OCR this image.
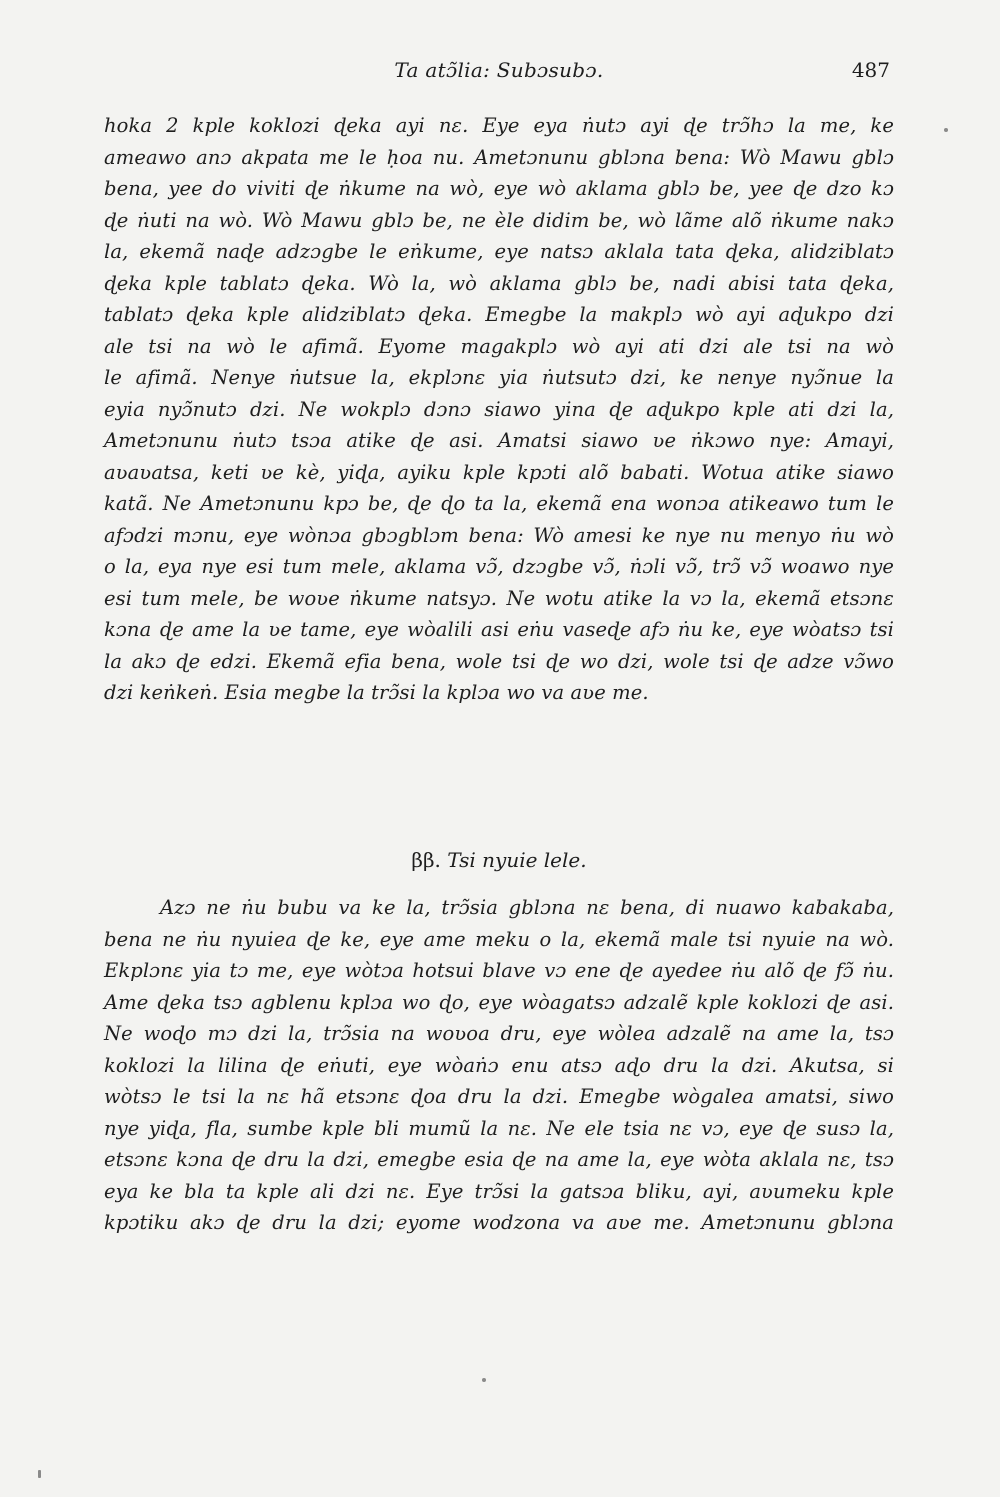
Ta atɔ̃lia: Subɔsubɔ.	487
hoka 2 kple koklozi ɖeka ayi nɛ. Eye eya ṅutɔ ayi ɖe trɔ̃hɔ la me, ke
ameawo anɔ akpata me le ḥoa nu. Ametɔnunu gblɔna bena: Wò Mawu gblɔ
bena, yee do viviti ɖe ṅkume na wò, eye wò aklama gblɔ be, yee ɖe dzo kɔ
ɖe ṅuti na wò. Wò Mawu gblɔ be, ne èle didim be, wò lãme alõ ṅkume nakɔ
la, ekemã naɖe adzɔgbe le eṅkume, eye natsɔ aklala tata ɖeka, alidziblatɔ
ɖeka kple tablatɔ ɖeka. Wò la, wò aklama gblɔ be, nadi abisi tata ɖeka,
tablatɔ ɖeka kple alidziblatɔ ɖeka. Emegbe la makplɔ wò ayi aɖukpo dzi
ale tsi na wò le afimã. Eyome magakplɔ wò ayi ati dzi ale tsi na wò
le afimã. Nenye ṅutsue la, ekplɔnɛ yia ṅutsutɔ dzi, ke nenye nyɔ̃nue la
eyia nyɔ̃nutɔ dzi. Ne wokplɔ dɔnɔ siawo yina ɖe aɖukpo kple ati dzi la,
Ametɔnunu ṅutɔ tsɔa atike ɖe asi. Amatsi siawo ʋe ṅkɔwo nye: Amayi,
aʋaʋatsa, keti ʋe kè, yiɖa, ayiku kple kpɔti alõ babati. Wotua atike siawo
katã. Ne Ametɔnunu kpɔ be, ɖe ɖo ta la, ekemã ena wonɔa atikeawo tum le
afɔdzi mɔnu, eye wònɔa gbɔgblɔm bena: Wò amesi ke nye nu menyo ṅu wò
o la, eya nye esi tum mele, aklama vɔ̃, dzɔgbe vɔ̃, ṅɔli vɔ̃, trɔ̃ vɔ̃ woawo nye
esi tum mele, be woʋe ṅkume natsyɔ. Ne wotu atike la vɔ la, ekemã etsɔnɛ
kɔna ɖe ame la ʋe tame, eye wòalili asi eṅu vaseɖe afɔ ṅu ke, eye wòatsɔ tsi
la akɔ ɖe edzi. Ekemã efia bena, wole tsi ɖe wo dzi, wole tsi ɖe adze vɔ̃wo
dzi keṅkeṅ. Esia megbe la trɔ̃si la kplɔa wo va aʋe me.
ββ. Tsi nyuie lele.
Azɔ ne ṅu bubu va ke la, trɔ̃sia gblɔna nɛ bena, di nuawo kabakaba,
bena ne ṅu nyuiea ɖe ke, eye ame meku o la, ekemã male tsi nyuie na wò.
Ekplɔnɛ yia tɔ me, eye wòtɔa hotsui blave vɔ ene ɖe ayedee ṅu alõ ɖe fɔ̃ ṅu.
Ame ɖeka tsɔ agblenu kplɔa wo ɖo, eye wòagatsɔ adzalẽ kple koklozi ɖe asi.
Ne woɖo mɔ dzi la, trɔ̃sia na woʋoa dru, eye wòlea adzalẽ na ame la, tsɔ
koklozi la lilina ɖe eṅuti, eye wòaṅɔ enu atsɔ aɖo dru la dzi. Akutsa, si
wòtsɔ le tsi la nɛ hã etsɔnɛ ɖoa dru la dzi. Emegbe wògalea amatsi, siwo
nye yiɖa, fla, sumbe kple bli mumũ la nɛ. Ne ele tsia nɛ vɔ, eye ɖe susɔ la,
etsɔnɛ kɔna ɖe dru la dzi, emegbe esia ɖe na ame la, eye wòta aklala nɛ, tsɔ
eya ke bla ta kple ali dzi nɛ. Eye trɔ̃si la gatsɔa bliku, ayi, aʋumeku kple
kpɔtiku akɔ ɖe dru la dzi; eyome wodzona va aʋe me. Ametɔnunu gblɔna
